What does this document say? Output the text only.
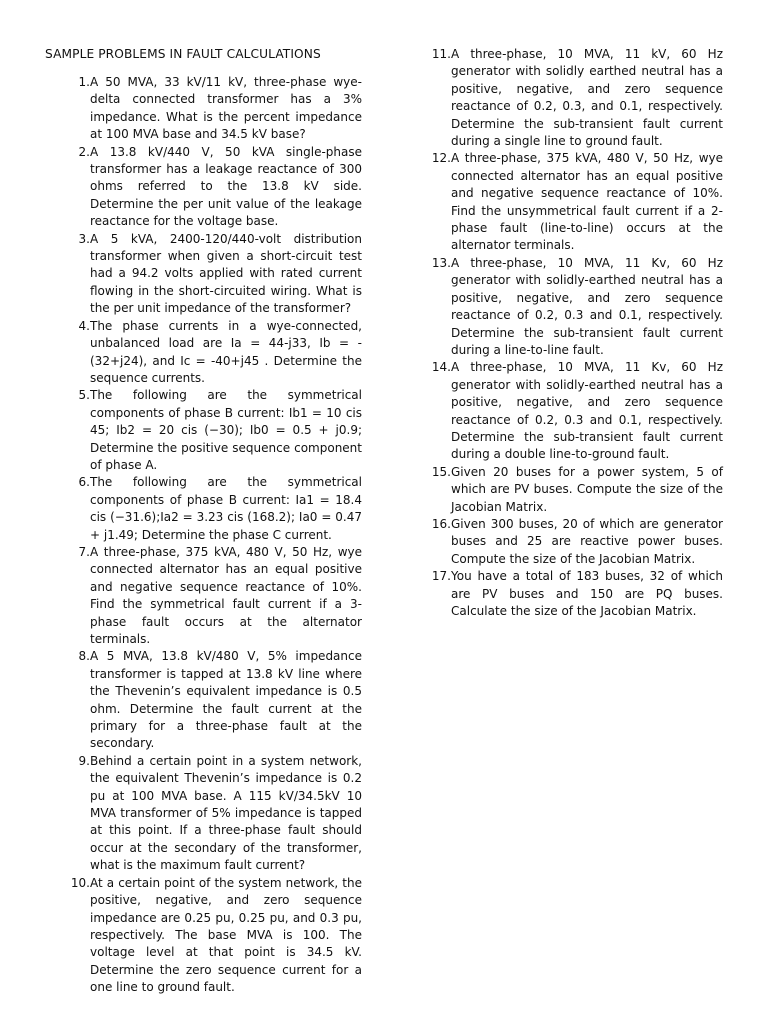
SAMPLE PROBLEMS IN FAULT CALCULATIONS
1. A 50 MVA, 33 kV/11 kV, three-phase wye-delta connected transformer has a 3% impedance. What is the percent impedance at 100 MVA base and 34.5 kV base?
2. A 13.8 kV/440 V, 50 kVA single-phase transformer has a leakage reactance of 300 ohms referred to the 13.8 kV side. Determine the per unit value of the leakage reactance for the voltage base.
3. A 5 kVA, 2400-120/440-volt distribution transformer when given a short-circuit test had a 94.2 volts applied with rated current flowing in the short-circuited wiring. What is the per unit impedance of the transformer?
4. The phase currents in a wye-connected, unbalanced load are Ia = 44-j33, Ib = -(32+j24), and Ic = -40+j45 . Determine the sequence currents.
5. The following are the symmetrical components of phase B current: Ib1 = 10 cis 45; Ib2 = 20 cis (−30); Ib0 = 0.5 + j0.9; Determine the positive sequence component of phase A.
6. The following are the symmetrical components of phase B current: Ia1 = 18.4 cis (−31.6);Ia2 = 3.23 cis (168.2); Ia0 = 0.47 + j1.49; Determine the phase C current.
7. A three-phase, 375 kVA, 480 V, 50 Hz, wye connected alternator has an equal positive and negative sequence reactance of 10%. Find the symmetrical fault current if a 3-phase fault occurs at the alternator terminals.
8. A 5 MVA, 13.8 kV/480 V, 5% impedance transformer is tapped at 13.8 kV line where the Thevenin’s equivalent impedance is 0.5 ohm. Determine the fault current at the primary for a three-phase fault at the secondary.
9. Behind a certain point in a system network, the equivalent Thevenin’s impedance is 0.2 pu at 100 MVA base. A 115 kV/34.5kV 10 MVA transformer of 5% impedance is tapped at this point. If a three-phase fault should occur at the secondary of the transformer, what is the maximum fault current?
10. At a certain point of the system network, the positive, negative, and zero sequence impedance are 0.25 pu, 0.25 pu, and 0.3 pu, respectively. The base MVA is 100. The voltage level at that point is 34.5 kV. Determine the zero sequence current for a one line to ground fault.
11. A three-phase, 10 MVA, 11 kV, 60 Hz generator with solidly earthed neutral has a positive, negative, and zero sequence reactance of 0.2, 0.3, and 0.1, respectively. Determine the sub-transient fault current during a single line to ground fault.
12. A three-phase, 375 kVA, 480 V, 50 Hz, wye connected alternator has an equal positive and negative sequence reactance of 10%. Find the unsymmetrical fault current if a 2-phase fault (line-to-line) occurs at the alternator terminals.
13. A three-phase, 10 MVA, 11 Kv, 60 Hz generator with solidly-earthed neutral has a positive, negative, and zero sequence reactance of 0.2, 0.3 and 0.1, respectively. Determine the sub-transient fault current during a line-to-line fault.
14. A three-phase, 10 MVA, 11 Kv, 60 Hz generator with solidly-earthed neutral has a positive, negative, and zero sequence reactance of 0.2, 0.3 and 0.1, respectively. Determine the sub-transient fault current during a double line-to-ground fault.
15. Given 20 buses for a power system, 5 of which are PV buses. Compute the size of the Jacobian Matrix.
16. Given 300 buses, 20 of which are generator buses and 25 are reactive power buses. Compute the size of the Jacobian Matrix.
17. You have a total of 183 buses, 32 of which are PV buses and 150 are PQ buses. Calculate the size of the Jacobian Matrix.
